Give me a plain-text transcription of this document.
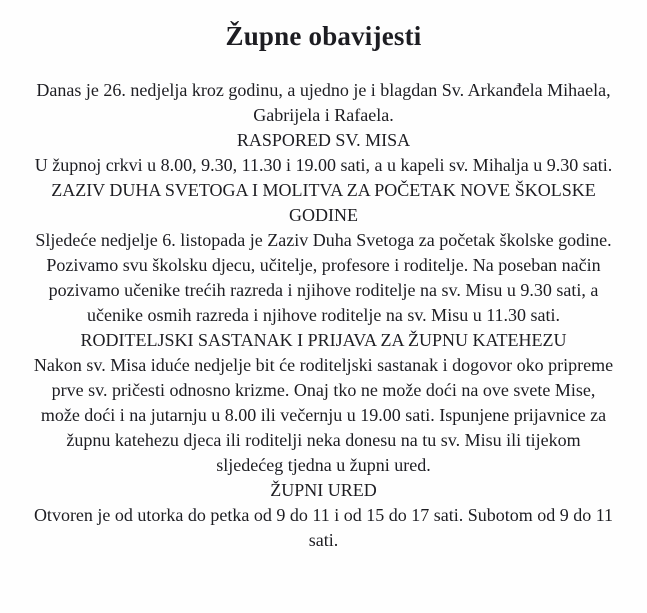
Župne obavijesti

Danas je 26. nedjelja kroz godinu, a ujedno je i blagdan Sv. Arkanđela Mihaela, Gabrijela i Rafaela.

RASPORED SV. MISA

U župnoj crkvi u 8.00, 9.30, 11.30 i 19.00 sati, a u kapeli sv. Mihalja u 9.30 sati.

ZAZIV DUHA SVETOGA I MOLITVA ZA POČETAK NOVE ŠKOLSKE GODINE

Sljedeće nedjelje 6. listopada je Zaziv Duha Svetoga za početak školske godine. Pozivamo svu školsku djecu, učitelje, profesore i roditelje. Na poseban način pozivamo učenike trećih razreda i njihove roditelje na sv. Misu u 9.30 sati, a učenike osmih razreda i njihove roditelje na sv. Misu u 11.30 sati.

RODITELJSKI SASTANAK I PRIJAVA ZA ŽUPNU KATEHEZU

Nakon sv. Misa iduće nedjelje bit će roditeljski sastanak i dogovor oko pripreme prve sv. pričesti odnosno krizme. Onaj tko ne može doći na ove svete Mise, može doći i na jutarnju u 8.00 ili večernju u 19.00 sati. Ispunjene prijavnice za župnu katehezu djeca ili roditelji neka donesu na tu sv. Misu ili tijekom sljedećeg tjedna u župni ured.

ŽUPNI URED

Otvoren je od utorka do petka od 9 do 11 i od 15 do 17 sati. Subotom od 9 do 11 sati.
